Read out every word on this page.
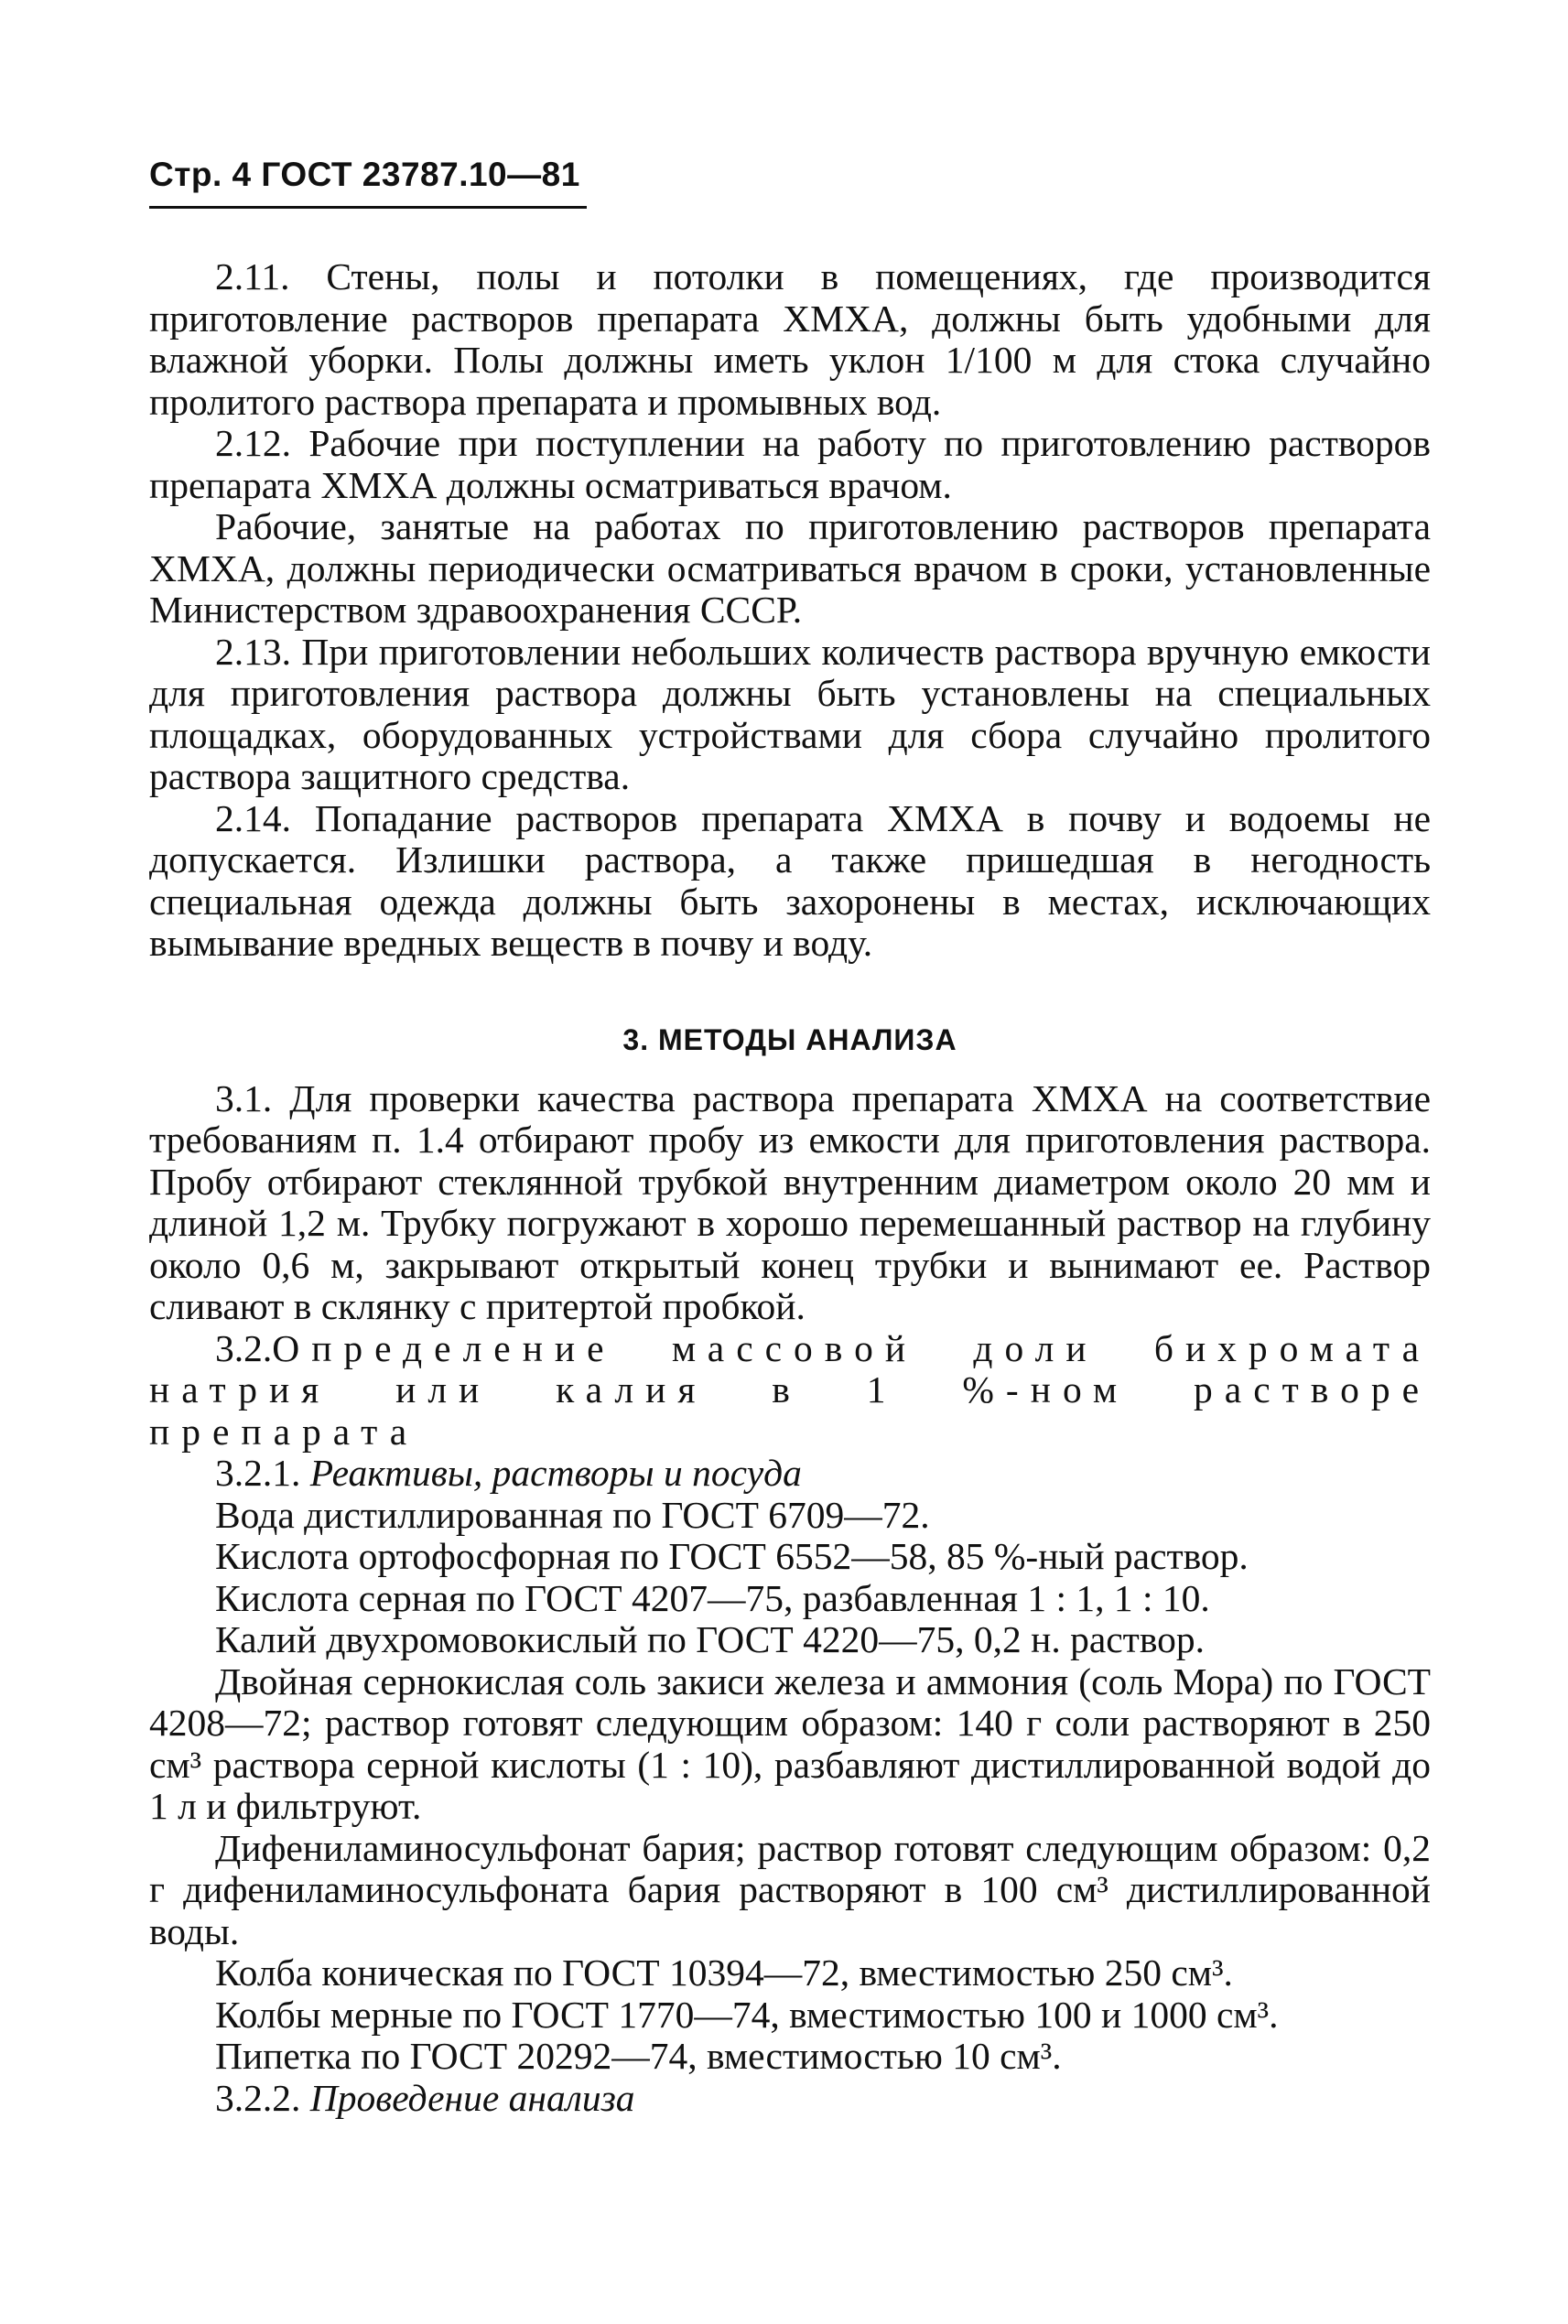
Стр. 4 ГОСТ 23787.10—81

2.11. Стены, полы и потолки в помещениях, где производится приготовление растворов препарата ХМХА, должны быть удобными для влажной уборки. Полы должны иметь уклон 1/100 м для стока случайно пролитого раствора препарата и промывных вод.

2.12. Рабочие при поступлении на работу по приготовлению растворов препарата ХМХА должны осматриваться врачом.

Рабочие, занятые на работах по приготовлению растворов препарата ХМХА, должны периодически осматриваться врачом в сроки, установленные Министерством здравоохранения СССР.

2.13. При приготовлении небольших количеств раствора вручную емкости для приготовления раствора должны быть установлены на специальных площадках, оборудованных устройствами для сбора случайно пролитого раствора защитного средства.

2.14. Попадание растворов препарата ХМХА в почву и водоемы не допускается. Излишки раствора, а также пришедшая в негодность специальная одежда должны быть захоронены в местах, исключающих вымывание вредных веществ в почву и воду.

3. МЕТОДЫ АНАЛИЗА

3.1. Для проверки качества раствора препарата ХМХА на соответствие требованиям п. 1.4 отбирают пробу из емкости для приготовления раствора. Пробу отбирают стеклянной трубкой внутренним диаметром около 20 мм и длиной 1,2 м. Трубку погружают в хорошо перемешанный раствор на глубину около 0,6 м, закрывают открытый конец трубки и вынимают ее. Раствор сливают в склянку с притертой пробкой.

3.2.Определение массовой доли бихромата натрия или калия в 1 %-ном растворе препарата

3.2.1. Реактивы, растворы и посуда

Вода дистиллированная по ГОСТ 6709—72.

Кислота ортофосфорная по ГОСТ 6552—58, 85 %-ный раствор.

Кислота серная по ГОСТ 4207—75, разбавленная 1 : 1, 1 : 10.

Калий двухромовокислый по ГОСТ 4220—75, 0,2 н. раствор.

Двойная сернокислая соль закиси железа и аммония (соль Мора) по ГОСТ 4208—72; раствор готовят следующим образом: 140 г соли растворяют в 250 см³ раствора серной кислоты (1 : 10), разбавляют дистиллированной водой до 1 л и фильтруют.

Дифениламиносульфонат бария; раствор готовят следующим образом: 0,2 г дифениламиносульфоната бария растворяют в 100 см³ дистиллированной воды.

Колба коническая по ГОСТ 10394—72, вместимостью 250 см³.

Колбы мерные по ГОСТ 1770—74, вместимостью 100 и 1000 см³.

Пипетка по ГОСТ 20292—74, вместимостью 10 см³.

3.2.2. Проведение анализа
